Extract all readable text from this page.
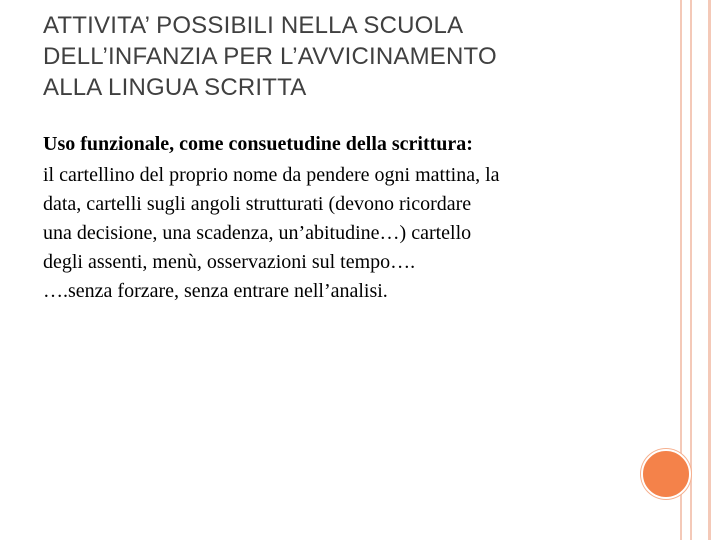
ATTIVITA’ POSSIBILI NELLA SCUOLA
DELL’INFANZIA PER L’AVVICINAMENTO
ALLA LINGUA SCRITTA
Uso funzionale, come consuetudine della scrittura:
il cartellino del proprio nome da pendere ogni mattina, la
data, cartelli sugli angoli strutturati (devono ricordare
una decisione, una scadenza, un’abitudine…) cartello
degli assenti, menù, osservazioni sul tempo….
….senza forzare, senza entrare nell’analisi.
